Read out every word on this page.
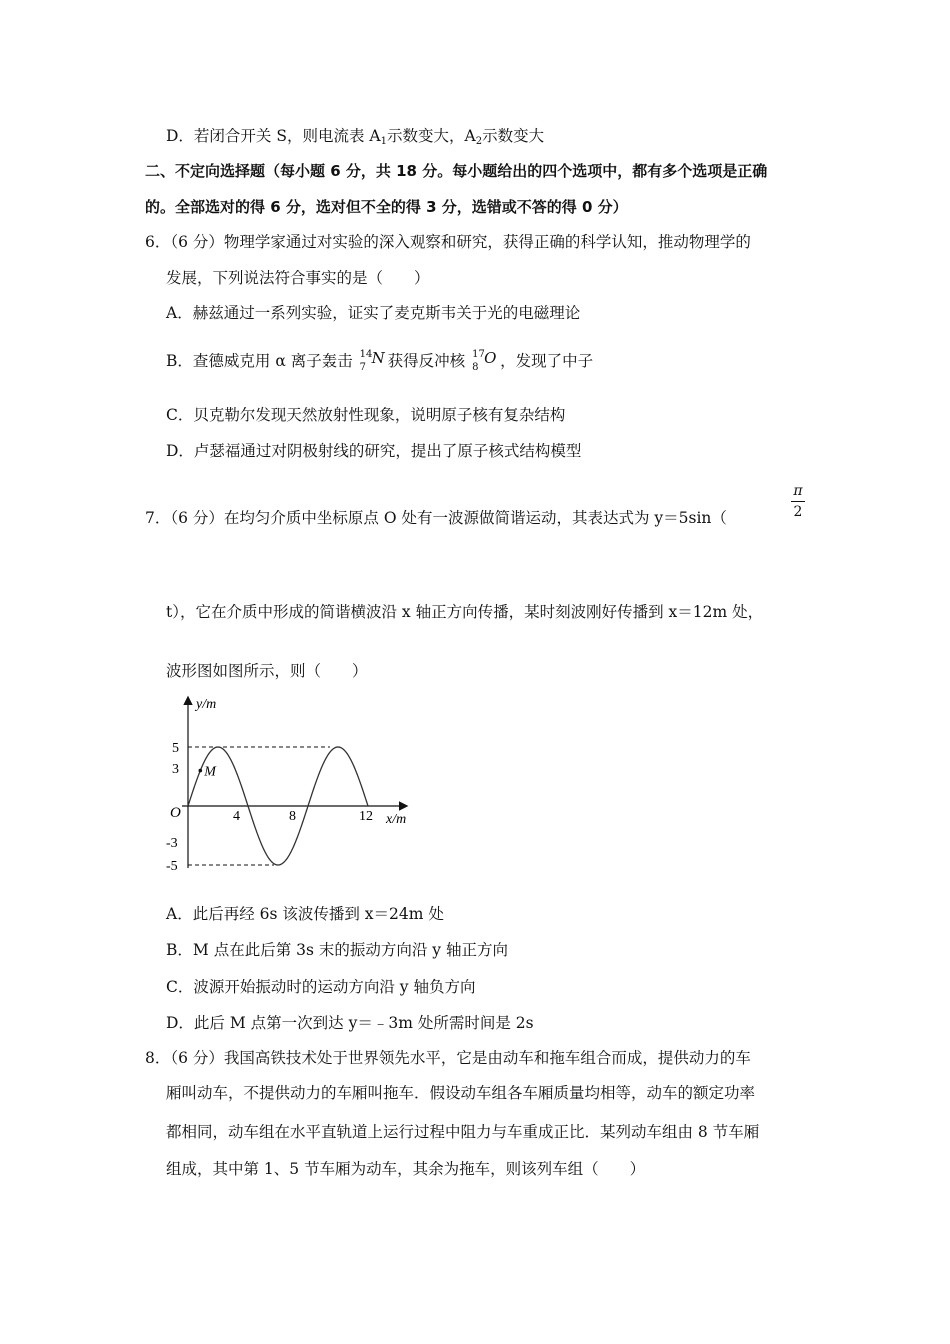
D．若闭合开关 S，则电流表 $A_1$示数变大，$A_2$示数变大
二、不定向选择题（每小题 6 分，共 18 分。每小题给出的四个选项中，都有多个选项是正确
的。全部选对的得 6 分，选对但不全的得 3 分，选错或不答的得 0 分）
6．（6 分）物理学家通过对实验的深入观察和研究，获得正确的科学认知，推动物理学的
发展，下列说法符合事实的是（　　）
A．赫兹通过一系列实验，证实了麦克斯韦关于光的电磁理论
B．查德威克用 α 离子轰击 14
7
N 获得反冲核 17
8
O ，发现了中子
C．贝克勒尔发现天然放射性现象，说明原子核有复杂结构
D．卢瑟福通过对阴极射线的研究，提出了原子核式结构模型
7．（6 分）在均匀介质中坐标原点 O 处有一波源做简谐运动，其表达式为 y＝5sin（
π
2
t），它在介质中形成的简谐横波沿 x 轴正方向传播，某时刻波刚好传播到 x＝12m 处，
波形图如图所示，则（　　）
M
y/m
x/m
O
5
3
-3
-5
4	8	12
A．此后再经 6s 该波传播到 x＝24m 处
B．M 点在此后第 3s 末的振动方向沿 y 轴正方向
C．波源开始振动时的运动方向沿 y 轴负方向
D．此后 M 点第一次到达 y＝﹣3m 处所需时间是 2s
8．（6 分）我国高铁技术处于世界领先水平，它是由动车和拖车组合而成，提供动力的车
厢叫动车，不提供动力的车厢叫拖车．假设动车组各车厢质量均相等，动车的额定功率
都相同，动车组在水平直轨道上运行过程中阻力与车重成正比．某列动车组由 8 节车厢
组成，其中第 1、5 节车厢为动车，其余为拖车，则该列车组（　　）
